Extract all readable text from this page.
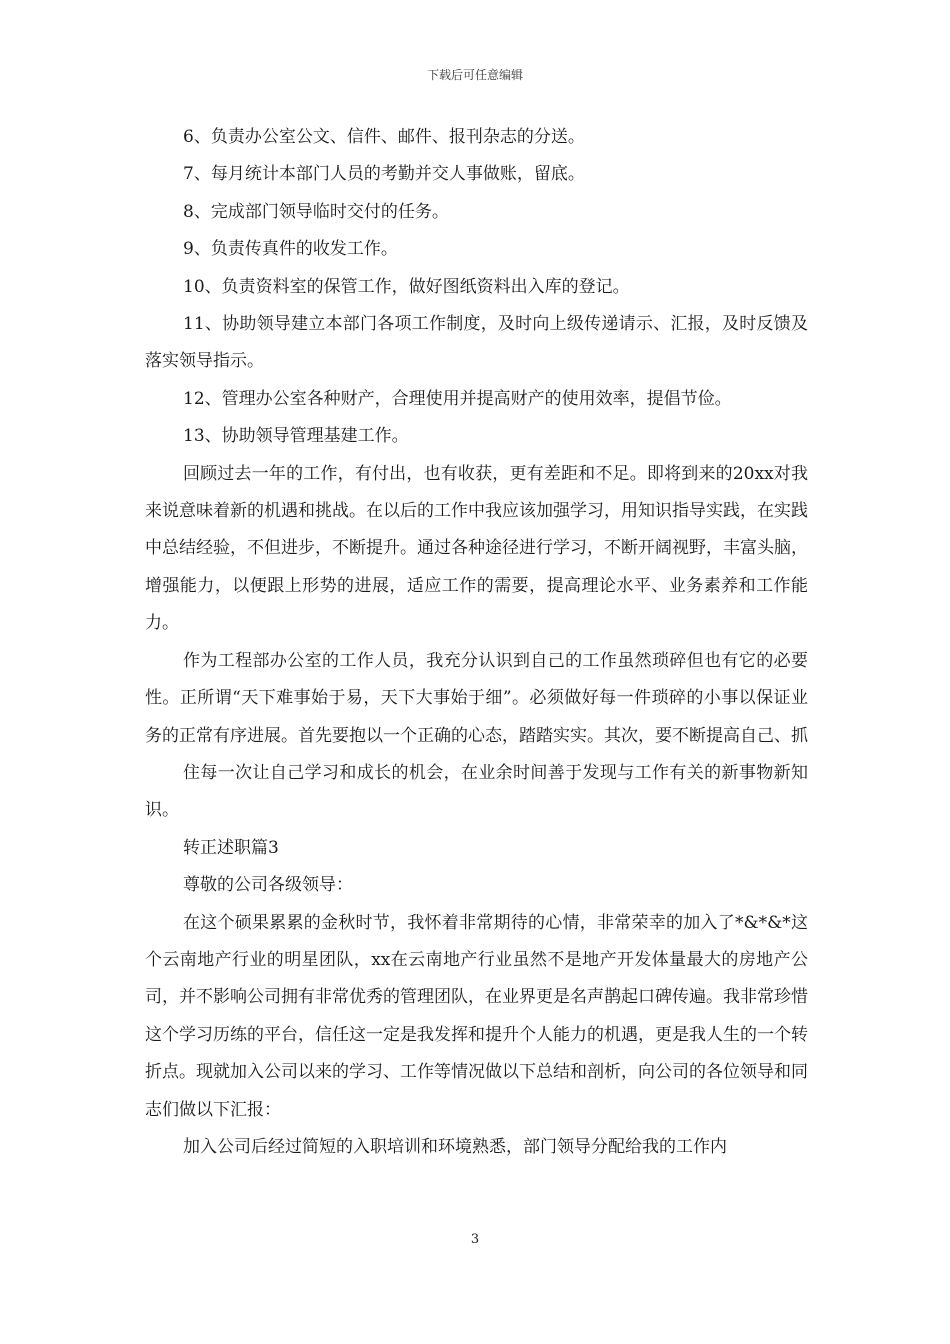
下载后可任意编辑

6、负责办公室公文、信件、邮件、报刊杂志的分送。

7、每月统计本部门人员的考勤并交人事做账，留底。

8、完成部门领导临时交付的任务。

9、负责传真件的收发工作。

10、负责资料室的保管工作，做好图纸资料出入库的登记。

11、协助领导建立本部门各项工作制度，及时向上级传递请示、汇报，及时反馈及落实领导指示。

12、管理办公室各种财产，合理使用并提高财产的使用效率，提倡节俭。

13、协助领导管理基建工作。

回顾过去一年的工作，有付出，也有收获，更有差距和不足。即将到来的20xx对我来说意味着新的机遇和挑战。在以后的工作中我应该加强学习，用知识指导实践，在实践中总结经验，不但进步，不断提升。通过各种途径进行学习，不断开阔视野，丰富头脑，增强能力，以便跟上形势的进展，适应工作的需要，提高理论水平、业务素养和工作能力。

作为工程部办公室的工作人员，我充分认识到自己的工作虽然琐碎但也有它的必要性。正所谓“天下难事始于易，天下大事始于细”。必须做好每一件琐碎的小事以保证业务的正常有序进展。首先要抱以一个正确的心态，踏踏实实。其次，要不断提高自己、抓

住每一次让自己学习和成长的机会，在业余时间善于发现与工作有关的新事物新知识。

转正述职篇3

尊敬的公司各级领导：

在这个硕果累累的金秋时节，我怀着非常期待的心情，非常荣幸的加入了*&*&*这个云南地产行业的明星团队，xx在云南地产行业虽然不是地产开发体量最大的房地产公司，并不影响公司拥有非常优秀的管理团队，在业界更是名声鹊起口碑传遍。我非常珍惜这个学习历练的平台，信任这一定是我发挥和提升个人能力的机遇，更是我人生的一个转折点。现就加入公司以来的学习、工作等情况做以下总结和剖析，向公司的各位领导和同志们做以下汇报：

加入公司后经过简短的入职培训和环境熟悉，部门领导分配给我的工作内

3
